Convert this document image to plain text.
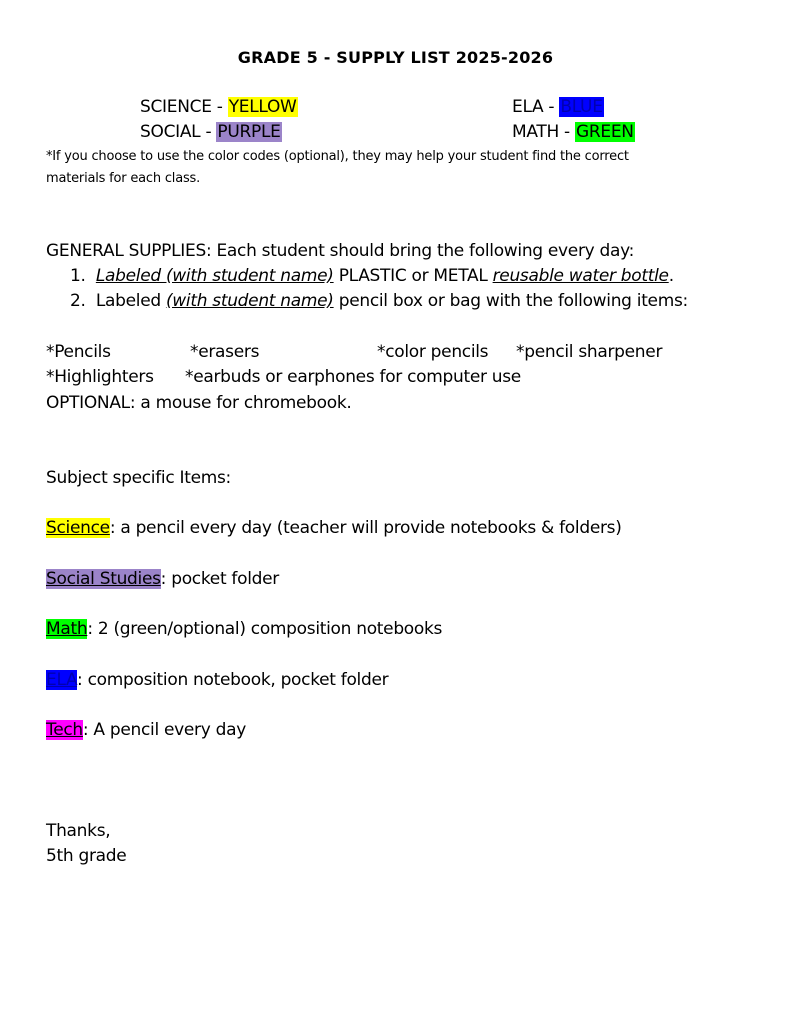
GRADE 5 - SUPPLY LIST 2025-2026
SCIENCE - YELLOW	ELA - BLUE
SOCIAL - PURPLE	MATH - GREEN
*If you choose to use the color codes (optional), they may help your student find the correct
materials for each class.
GENERAL SUPPLIES: Each student should bring the following every day:
1. Labeled (with student name) PLASTIC or METAL reusable water bottle.
2. Labeled (with student name) pencil box or bag with the following items:
*Pencils	*erasers	*color pencils *pencil sharpener
*Highlighters *earbuds or earphones for computer use
OPTIONAL: a mouse for chromebook.
Subject specific Items:
Science: a pencil every day (teacher will provide notebooks & folders)
Social Studies: pocket folder
Math: 2 (green/optional) composition notebooks
ELA: composition notebook, pocket folder
Tech: A pencil every day
Thanks,
5th grade
